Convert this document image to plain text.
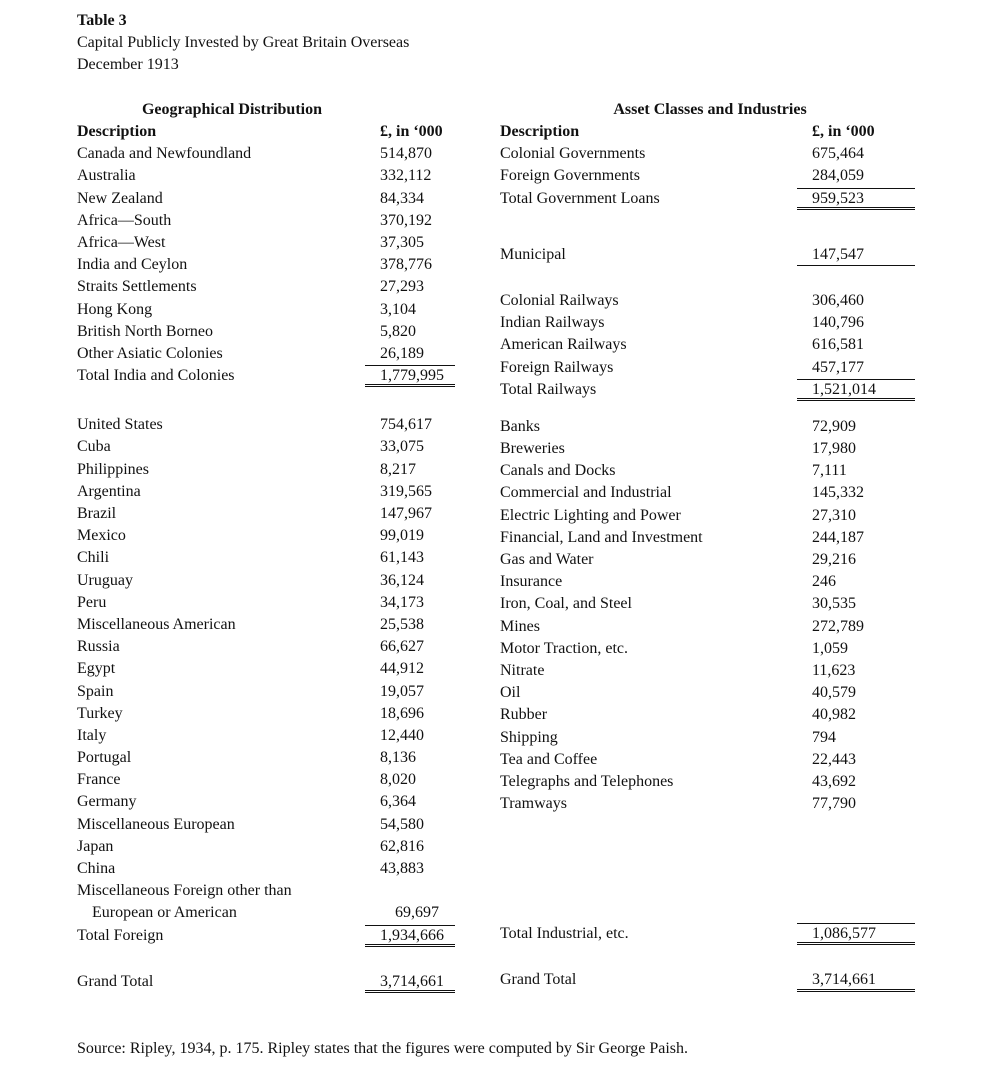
Table 3
Capital Publicly Invested by Great Britain Overseas
December 1913
Geographical Distribution
Description	£, in ‘000
Canada and Newfoundland	514,870
Australia	332,112
New Zealand	84,334
Africa—South	370,192
Africa—West	37,305
India and Ceylon	378,776
Straits Settlements	27,293
Hong Kong	3,104
British North Borneo	5,820
Other Asiatic Colonies	26,189
Total India and Colonies	1,779,995
United States	754,617
Cuba	33,075
Philippines	8,217
Argentina	319,565
Brazil	147,967
Mexico	99,019
Chili	61,143
Uruguay	36,124
Peru	34,173
Miscellaneous American	25,538
Russia	66,627
Egypt	44,912
Spain	19,057
Turkey	18,696
Italy	12,440
Portugal	8,136
France	8,020
Germany	6,364
Miscellaneous European	54,580
Japan	62,816
China	43,883
Miscellaneous Foreign other than
European or American	69,697
Total Foreign	1,934,666
Grand Total	3,714,661
Asset Classes and Industries
Description	£, in ‘000
Colonial Governments	675,464
Foreign Governments	284,059
Total Government Loans	959,523
Municipal	147,547
Colonial Railways	306,460
Indian Railways	140,796
American Railways	616,581
Foreign Railways	457,177
Total Railways	1,521,014
Banks	72,909
Breweries	17,980
Canals and Docks	7,111
Commercial and Industrial	145,332
Electric Lighting and Power	27,310
Financial, Land and Investment	244,187
Gas and Water	29,216
Insurance	246
Iron, Coal, and Steel	30,535
Mines	272,789
Motor Traction, etc.	1,059
Nitrate	11,623
Oil	40,579
Rubber	40,982
Shipping	794
Tea and Coffee	22,443
Telegraphs and Telephones	43,692
Tramways	77,790
Total Industrial, etc.	1,086,577
Grand Total	3,714,661
Source: Ripley, 1934, p. 175. Ripley states that the figures were computed by Sir George Paish.
